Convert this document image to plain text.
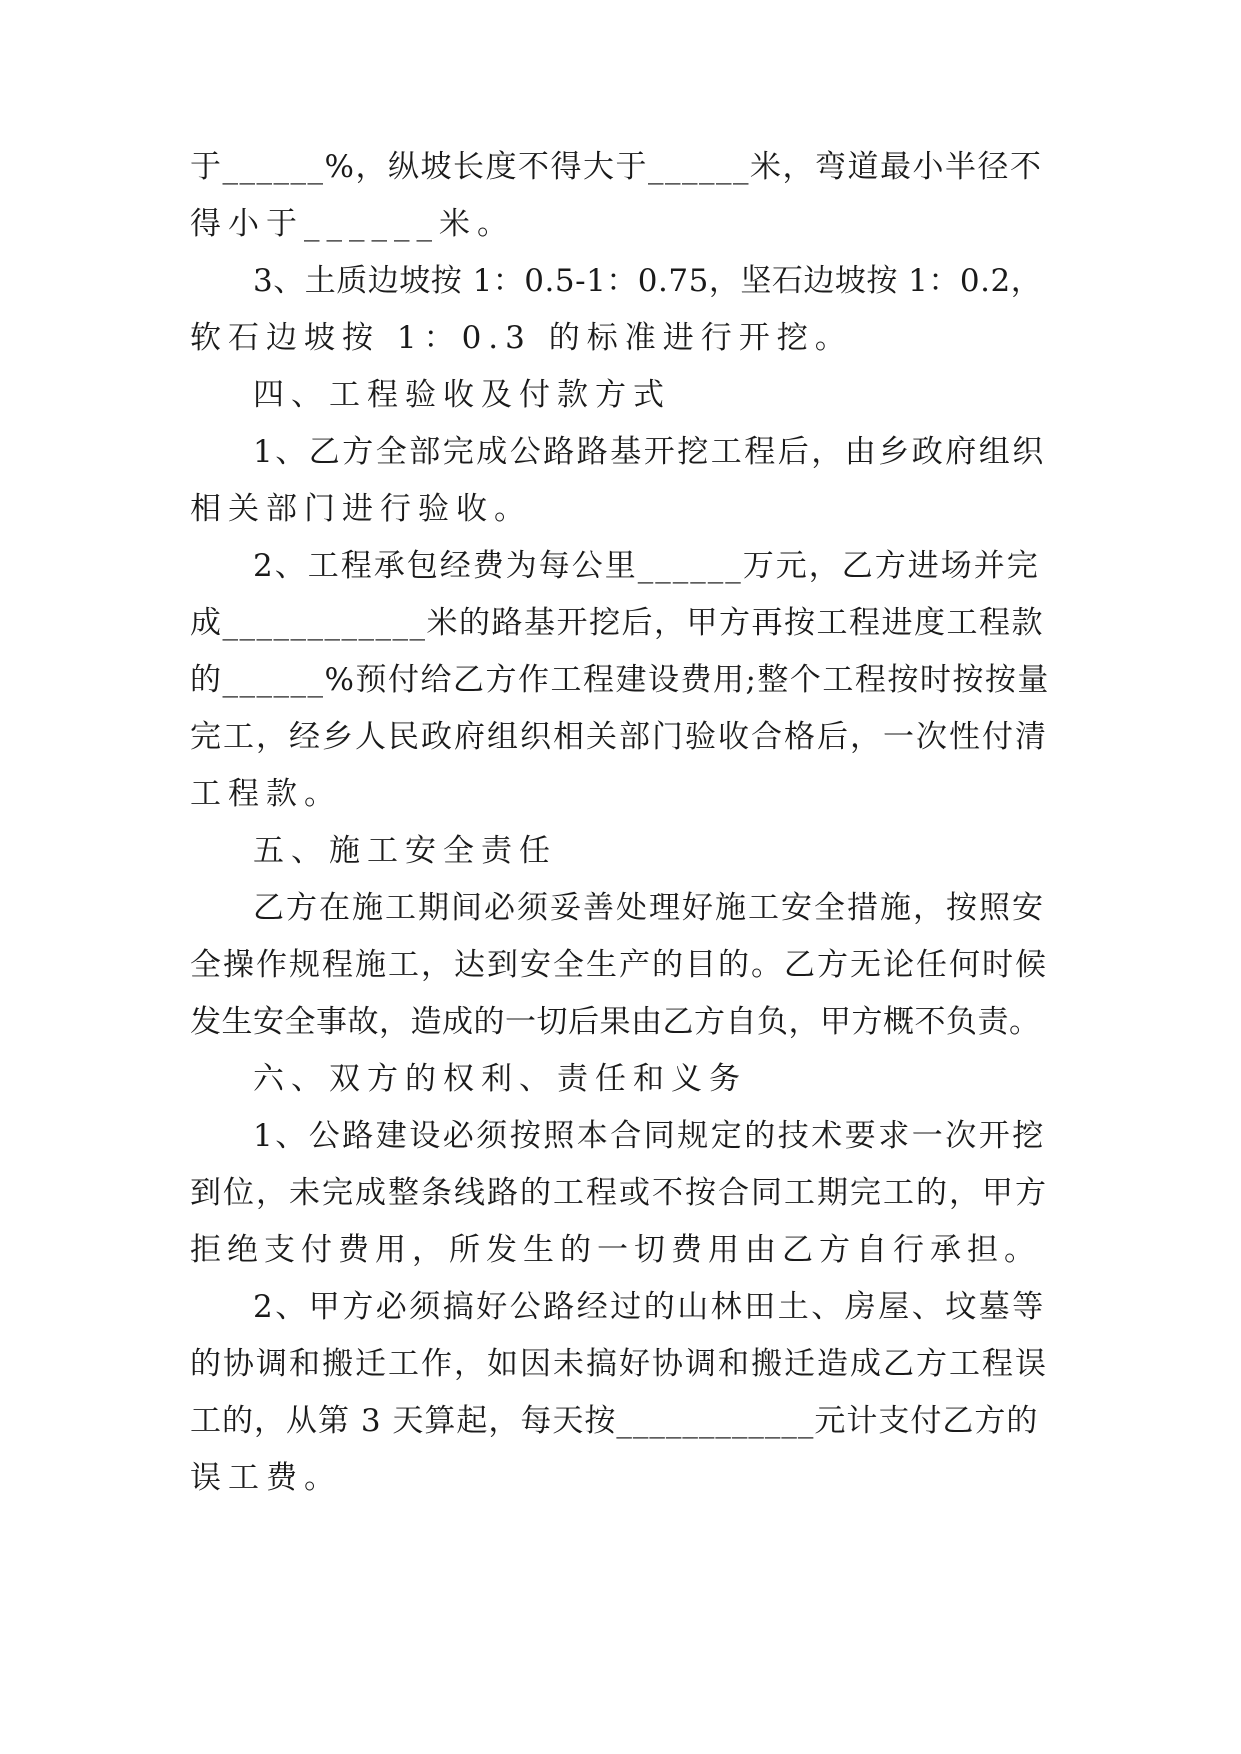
于______%，纵坡长度不得大于______米，弯道最小半径不
得小于______米。
3、土质边坡按 1：0.5-1：0.75，坚石边坡按 1：0.2，
软石边坡按 1：0.3 的标准进行开挖。
四、工程验收及付款方式
1、乙方全部完成公路路基开挖工程后，由乡政府组织
相关部门进行验收。
2、工程承包经费为每公里______万元，乙方进场并完
成____________米的路基开挖后，甲方再按工程进度工程款
的______%预付给乙方作工程建设费用;整个工程按时按按量
完工，经乡人民政府组织相关部门验收合格后，一次性付清
工程款。
五、施工安全责任
乙方在施工期间必须妥善处理好施工安全措施，按照安
全操作规程施工，达到安全生产的目的。乙方无论任何时候
发生安全事故，造成的一切后果由乙方自负，甲方概不负责。
六、双方的权利、责任和义务
1、公路建设必须按照本合同规定的技术要求一次开挖
到位，未完成整条线路的工程或不按合同工期完工的，甲方
拒绝支付费用，所发生的一切费用由乙方自行承担。
2、甲方必须搞好公路经过的山林田土、房屋、坟墓等
的协调和搬迁工作，如因未搞好协调和搬迁造成乙方工程误
工的，从第 3 天算起，每天按____________元计支付乙方的
误工费。
